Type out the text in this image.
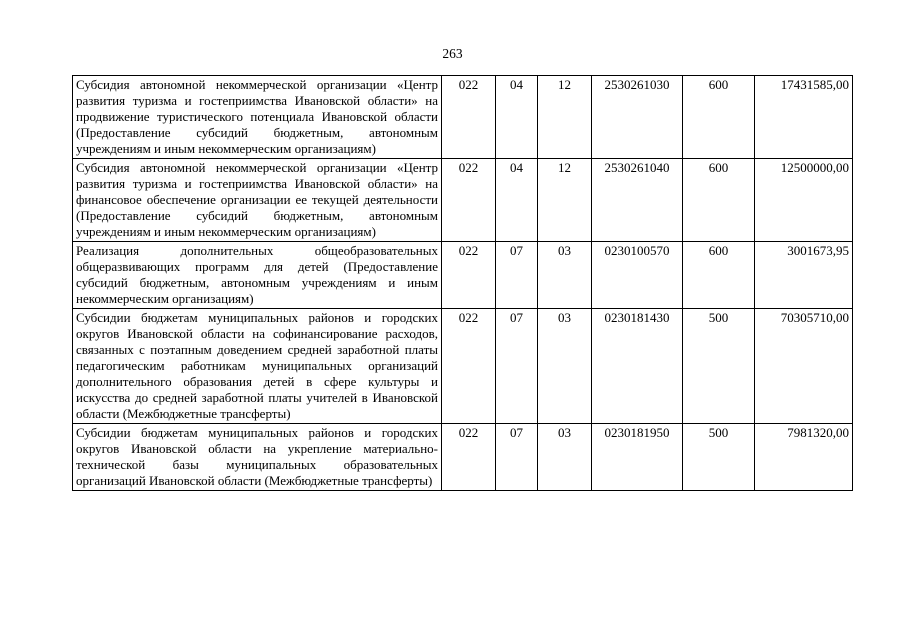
263
Субсидия автономной некоммерческой организации «Центр развития туризма и гостеприимства Ивановской области» на продвижение туристического потенциала Ивановской области (Предоставление субсидий бюджетным, автономным учреждениям и иным некоммерческим организациям)	022	04	12	2530261030	600	17431585,00
Субсидия автономной некоммерческой организации «Центр развития туризма и гостеприимства Ивановской области» на финансовое обеспечение организации ее текущей деятельности (Предоставление субсидий бюджетным, автономным учреждениям и иным некоммерческим организациям)	022	04	12	2530261040	600	12500000,00
Реализация дополнительных общеобразовательных общеразвивающих программ для детей (Предоставление субсидий бюджетным, автономным учреждениям и иным некоммерческим организациям)	022	07	03	0230100570	600	3001673,95
Субсидии бюджетам муниципальных районов и городских округов Ивановской области на софинансирование расходов, связанных с поэтапным доведением средней заработной платы педагогическим работникам муниципальных организаций дополнительного образования детей в сфере культуры и искусства до средней заработной платы учителей в Ивановской области (Межбюджетные трансферты)	022	07	03	0230181430	500	70305710,00
Субсидии бюджетам муниципальных районов и городских округов Ивановской области на укрепление материально-технической базы муниципальных образовательных организаций Ивановской области (Межбюджетные трансферты)	022	07	03	0230181950	500	7981320,00
